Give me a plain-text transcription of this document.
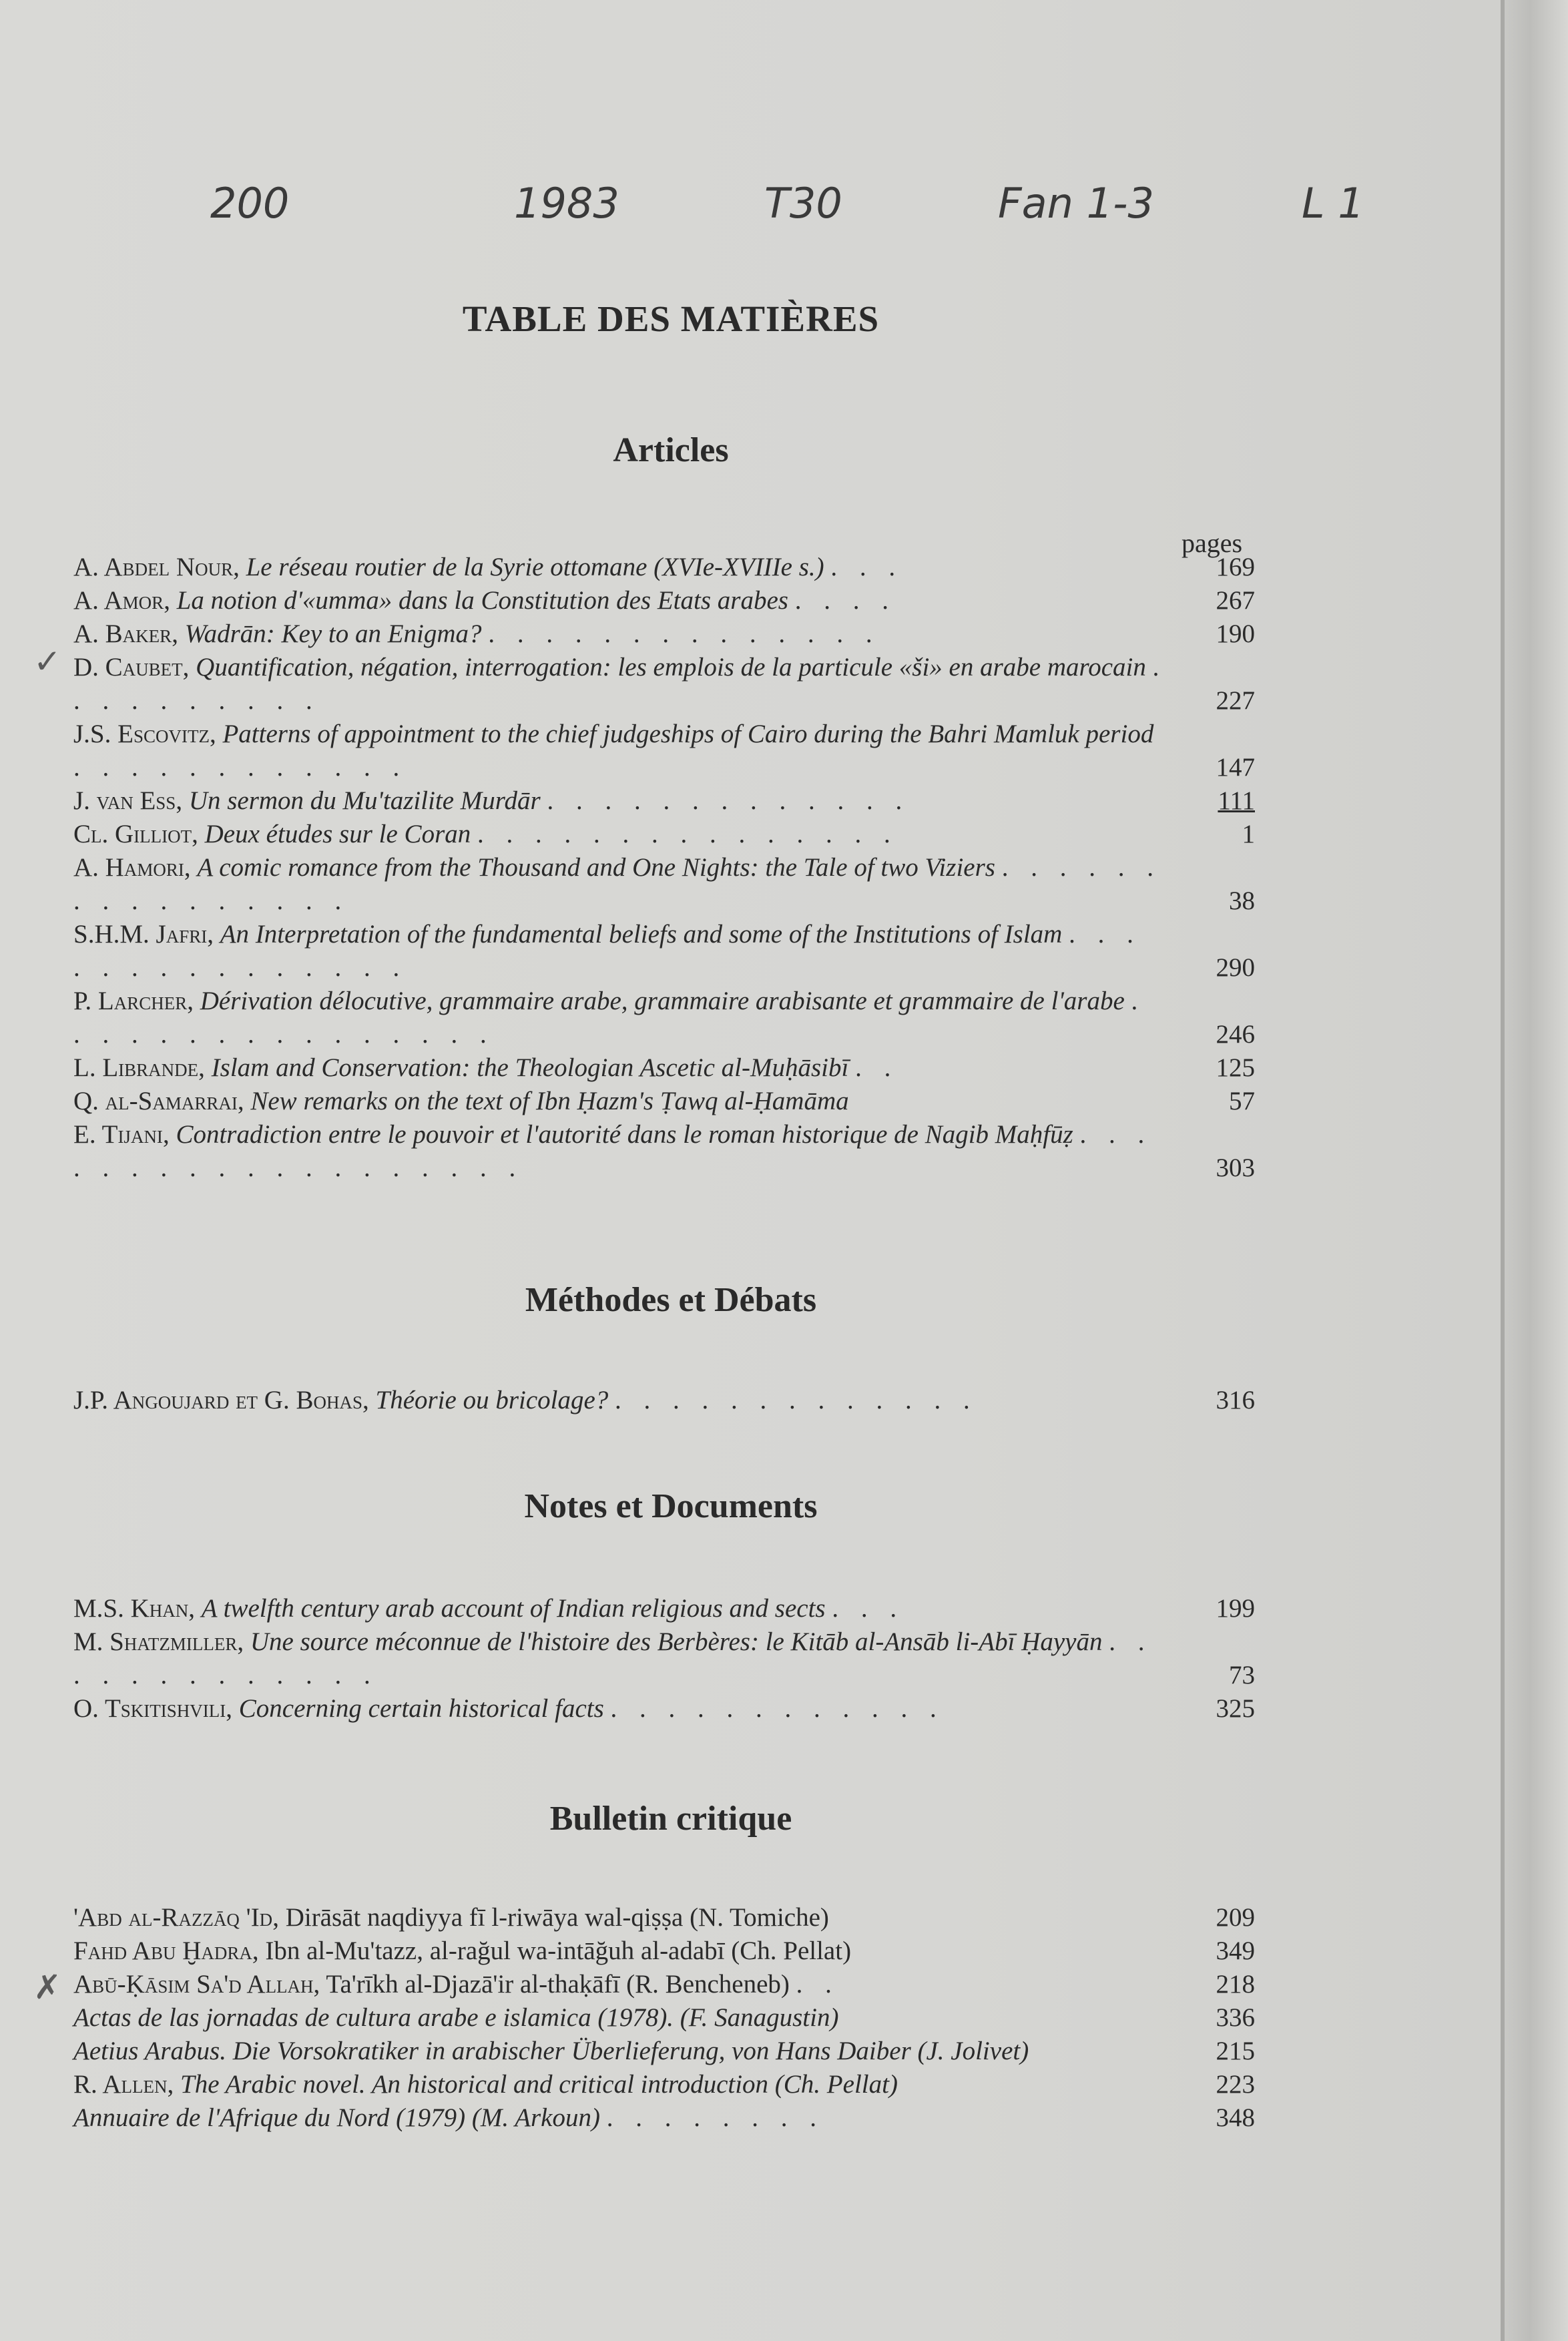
200	1983	T30	Fan 1-3	L 1
TABLE DES MATIÈRES
Articles
pages
✓
A. Abdel Nour, Le réseau routier de la Syrie ottomane (XVIe-XVIIIe s.) . . .	169
A. Amor, La notion d'«umma» dans la Constitution des Etats arabes . . . .	267
A. Baker, Wadrān: Key to an Enigma? . . . . . . . . . . . . . .	190
D. Caubet, Quantification, négation, interrogation: les emplois de la particule «ši» en arabe marocain . . . . . . . . . .	227
J.S. Escovitz, Patterns of appointment to the chief judgeships of Cairo during the Bahri Mamluk period . . . . . . . . . . . .	147
J. van Ess, Un sermon du Mu'tazilite Murdār . . . . . . . . . . . . .	111
Cl. Gilliot, Deux études sur le Coran . . . . . . . . . . . . . . .	1
A. Hamori, A comic romance from the Thousand and One Nights: the Tale of two Viziers . . . . . . . . . . . . . . . .	38
S.H.M. Jafri, An Interpretation of the fundamental beliefs and some of the Institutions of Islam . . . . . . . . . . . . . . .	290
P. Larcher, Dérivation délocutive, grammaire arabe, grammaire arabisante et grammaire de l'arabe . . . . . . . . . . . . . . . .	246
L. Librande, Islam and Conservation: the Theologian Ascetic al-Muḥāsibī . .	125
Q. al-Samarrai, New remarks on the text of Ibn Ḥazm's Ṭawq al-Ḥamāma	57
E. Tijani, Contradiction entre le pouvoir et l'autorité dans le roman historique de Nagib Maḥfūẓ . . . . . . . . . . . . . . . . . . .	303
Méthodes et Débats
J.P. Angoujard et G. Bohas, Théorie ou bricolage? . . . . . . . . . . . . .	316
Notes et Documents
M.S. Khan, A twelfth century arab account of Indian religious and sects . . .	199
M. Shatzmiller, Une source méconnue de l'histoire des Berbères: le Kitāb al-Ansāb li-Abī Ḥayyān . . . . . . . . . . . . .	73
O. Tskitishvili, Concerning certain historical facts . . . . . . . . . . . .	325
Bulletin critique
✗
'Abd al-Razzāq 'Id, Dirāsāt naqdiyya fī l-riwāya wal-qiṣṣa (N. Tomiche)	209
Fahd Abu Ḫadra, Ibn al-Mu'tazz, al-rağul wa-intāğuh al-adabī (Ch. Pellat)	349
Abū-Ḳāsim Sa'd Allah, Ta'rīkh al-Djazā'ir al-thaḳāfī (R. Bencheneb) . .	218
Actas de las jornadas de cultura arabe e islamica (1978). (F. Sanagustin)	336
Aetius Arabus. Die Vorsokratiker in arabischer Überlieferung, von Hans Daiber (J. Jolivet)	215
R. Allen, The Arabic novel. An historical and critical introduction (Ch. Pellat)	223
Annuaire de l'Afrique du Nord (1979) (M. Arkoun) . . . . . . . .	348
